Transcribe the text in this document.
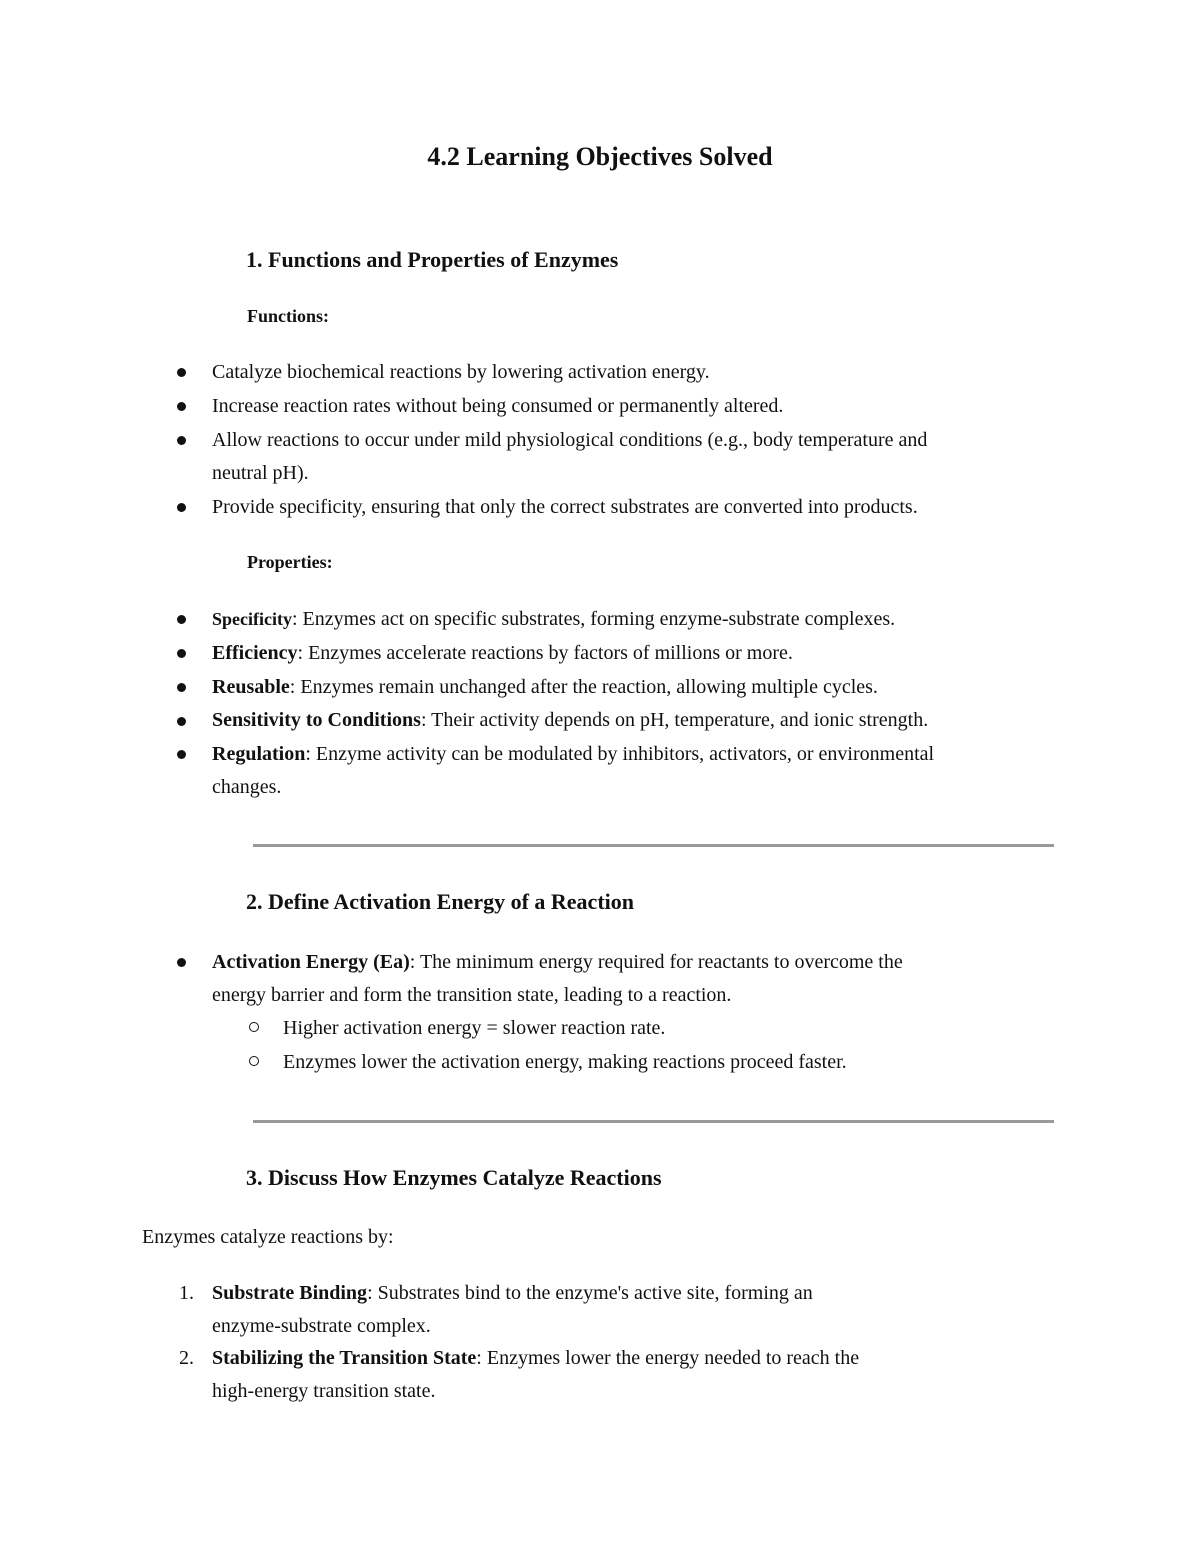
4.2 Learning Objectives Solved
1. Functions and Properties of Enzymes
Functions:
Catalyze biochemical reactions by lowering activation energy.
Increase reaction rates without being consumed or permanently altered.
Allow reactions to occur under mild physiological conditions (e.g., body temperature and
neutral pH).
Provide specificity, ensuring that only the correct substrates are converted into products.
Properties:
Specificity: Enzymes act on specific substrates, forming enzyme-substrate complexes.
Efficiency: Enzymes accelerate reactions by factors of millions or more.
Reusable: Enzymes remain unchanged after the reaction, allowing multiple cycles.
Sensitivity to Conditions: Their activity depends on pH, temperature, and ionic strength.
Regulation: Enzyme activity can be modulated by inhibitors, activators, or environmental
changes.
2. Define Activation Energy of a Reaction
Activation Energy (Ea): The minimum energy required for reactants to overcome the
energy barrier and form the transition state, leading to a reaction.
Higher activation energy = slower reaction rate.
Enzymes lower the activation energy, making reactions proceed faster.
3. Discuss How Enzymes Catalyze Reactions
Enzymes catalyze reactions by:
1. Substrate Binding: Substrates bind to the enzyme's active site, forming an
enzyme-substrate complex.
2. Stabilizing the Transition State: Enzymes lower the energy needed to reach the
high-energy transition state.
